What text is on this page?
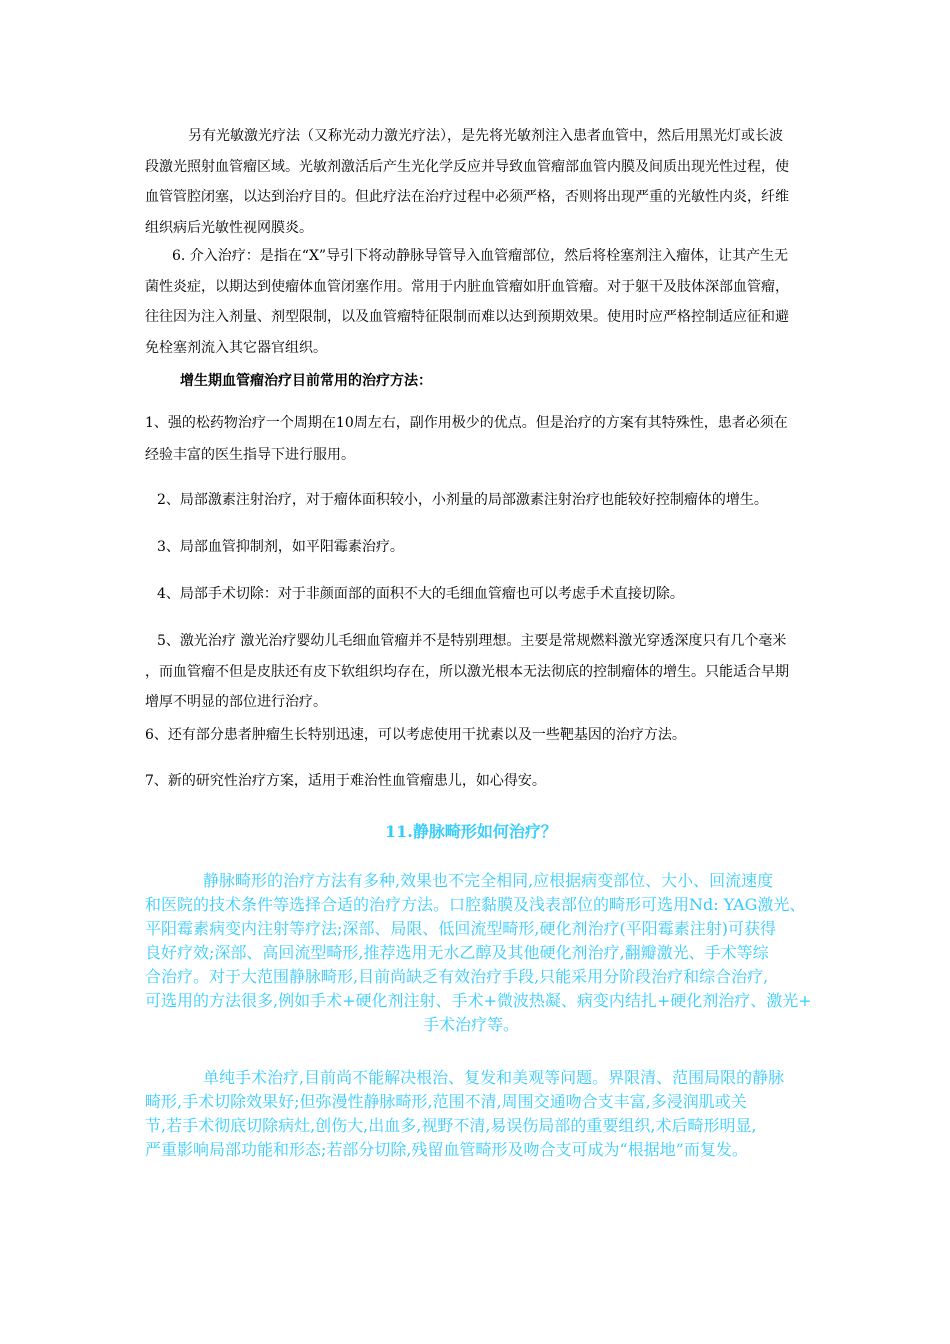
另有光敏激光疗法（又称光动力激光疗法），是先将光敏剂注入患者血管中，然后用黑光灯或长波
段激光照射血管瘤区域。光敏剂激活后产生光化学反应并导致血管瘤部血管内膜及间质出现光性过程，使
血管管腔闭塞，以达到治疗目的。但此疗法在治疗过程中必须严格，否则将出现严重的光敏性内炎，纤维
组织病后光敏性视网膜炎。
6. 介入治疗：是指在“X”导引下将动静脉导管导入血管瘤部位，然后将栓塞剂注入瘤体，让其产生无
菌性炎症，以期达到使瘤体血管闭塞作用。常用于内脏血管瘤如肝血管瘤。对于躯干及肢体深部血管瘤，
往往因为注入剂量、剂型限制，以及血管瘤特征限制而难以达到预期效果。使用时应严格控制适应征和避
免栓塞剂流入其它器官组织。
增生期血管瘤治疗目前常用的治疗方法：
1、强的松药物治疗一个周期在10周左右，副作用极少的优点。但是治疗的方案有其特殊性，患者必须在
经验丰富的医生指导下进行服用。
2、局部激素注射治疗，对于瘤体面积较小，小剂量的局部激素注射治疗也能较好控制瘤体的增生。
3、局部血管抑制剂，如平阳霉素治疗。
4、局部手术切除：对于非颜面部的面积不大的毛细血管瘤也可以考虑手术直接切除。
5、激光治疗 激光治疗婴幼儿毛细血管瘤并不是特别理想。主要是常规燃料激光穿透深度只有几个毫米
，而血管瘤不但是皮肤还有皮下软组织均存在，所以激光根本无法彻底的控制瘤体的增生。只能适合早期
增厚不明显的部位进行治疗。
6、还有部分患者肿瘤生长特别迅速，可以考虑使用干扰素以及一些靶基因的治疗方法。
7、新的研究性治疗方案，适用于难治性血管瘤患儿，如心得安。
11.静脉畸形如何治疗？
静脉畸形的治疗方法有多种,效果也不完全相同,应根据病变部位、大小、回流速度
和医院的技术条件等选择合适的治疗方法。口腔黏膜及浅表部位的畸形可选用Nd: YAG激光、
平阳霉素病变内注射等疗法;深部、局限、低回流型畸形,硬化剂治疗(平阳霉素注射)可获得
良好疗效;深部、高回流型畸形,推荐选用无水乙醇及其他硬化剂治疗,翻瓣激光、手术等综
合治疗。对于大范围静脉畸形,目前尚缺乏有效治疗手段,只能采用分阶段治疗和综合治疗,
可选用的方法很多,例如手术+硬化剂注射、手术+微波热凝、病变内结扎+硬化剂治疗、激光+
手术治疗等。
单纯手术治疗,目前尚不能解决根治、复发和美观等问题。界限清、范围局限的静脉
畸形,手术切除效果好;但弥漫性静脉畸形,范围不清,周围交通吻合支丰富,多浸润肌或关
节,若手术彻底切除病灶,创伤大,出血多,视野不清,易误伤局部的重要组织,术后畸形明显,
严重影响局部功能和形态;若部分切除,残留血管畸形及吻合支可成为“根据地”而复发。
